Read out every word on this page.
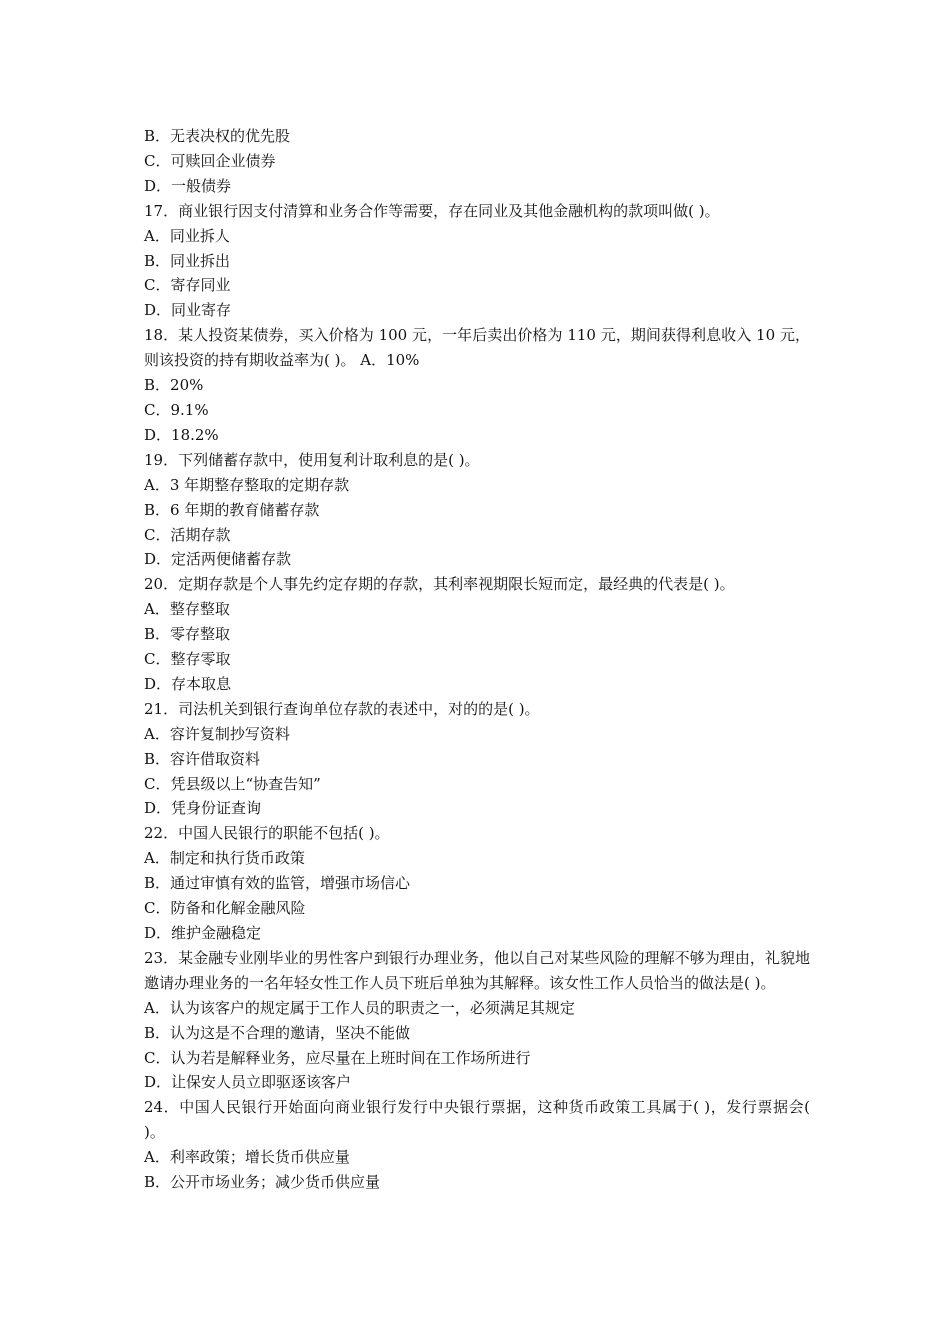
B．无表决权的优先股
C．可赎回企业债券
D．一般债券
17．商业银行因支付清算和业务合作等需要，存在同业及其他金融机构的款项叫做( )。
A．同业拆人
B．同业拆出
C．寄存同业
D．同业寄存
18．某人投资某债券，买入价格为 100 元，一年后卖出价格为 110 元，期间获得利息收入 10 元，则该投资的持有期收益率为( )。 A．10%
B．20%
C．9.1%
D．18.2%
19．下列储蓄存款中，使用复利计取利息的是( )。
A．3 年期整存整取的定期存款
B．6 年期的教育储蓄存款
C．活期存款
D．定活两便储蓄存款
20．定期存款是个人事先约定存期的存款，其利率视期限长短而定，最经典的代表是( )。
A．整存整取
B．零存整取
C．整存零取
D．存本取息
21．司法机关到银行查询单位存款的表述中，对的的是( )。
A．容许复制抄写资料
B．容许借取资料
C．凭县级以上“协查告知”
D．凭身份证查询
22．中国人民银行的职能不包括( )。
A．制定和执行货币政策
B．通过审慎有效的监管，增强市场信心
C．防备和化解金融风险
D．维护金融稳定
23．某金融专业刚毕业的男性客户到银行办理业务，他以自己对某些风险的理解不够为理由，礼貌地邀请办理业务的一名年轻女性工作人员下班后单独为其解释。该女性工作人员恰当的做法是( )。
A．认为该客户的规定属于工作人员的职责之一，必须满足其规定
B．认为这是不合理的邀请，坚决不能做
C．认为若是解释业务，应尽量在上班时间在工作场所进行
D．让保安人员立即驱逐该客户
24．中国人民银行开始面向商业银行发行中央银行票据，这种货币政策工具属于( )，发行票据会( )。
A．利率政策；增长货币供应量
B．公开市场业务；减少货币供应量
